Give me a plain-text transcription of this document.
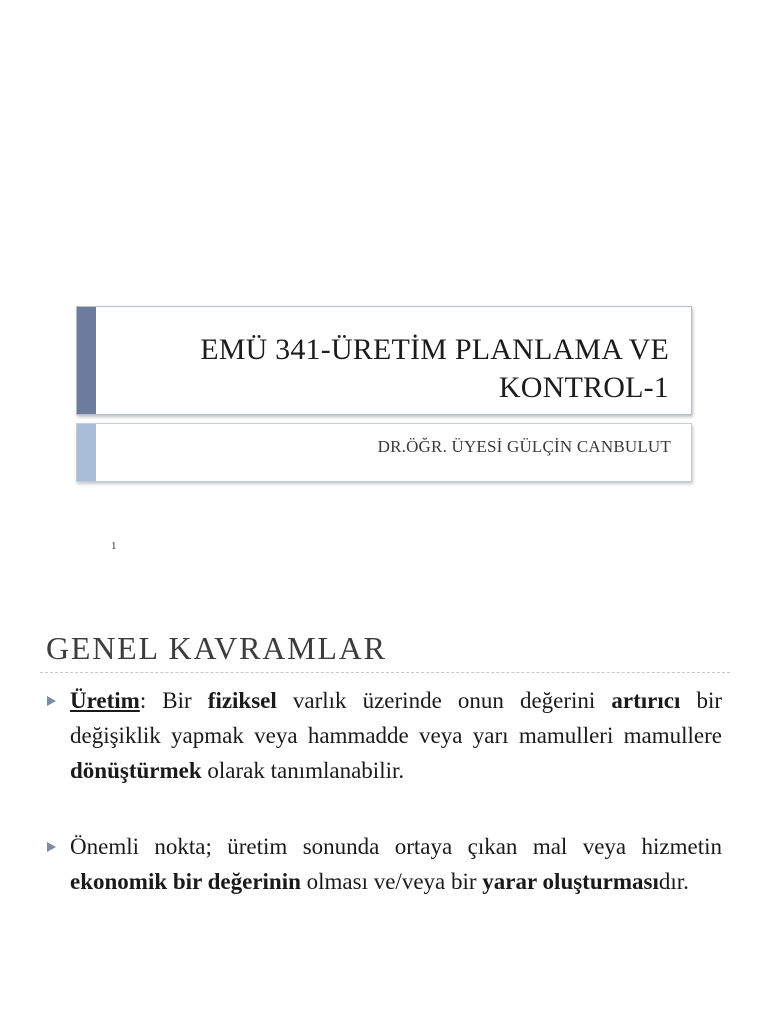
EMÜ 341-ÜRETİM PLANLAMA VE
KONTROL-1
DR.ÖĞR. ÜYESİ GÜLÇİN CANBULUT
1
GENEL KAVRAMLAR
Üretim: Bir fiziksel varlık üzerinde onun değerini artırıcı bir değişiklik yapmak veya hammadde veya yarı mamulleri mamullere dönüştürmek olarak tanımlanabilir.
Önemli nokta; üretim sonunda ortaya çıkan mal veya hizmetin ekonomik bir değerinin olması ve/veya bir yarar oluşturmasıdır.
